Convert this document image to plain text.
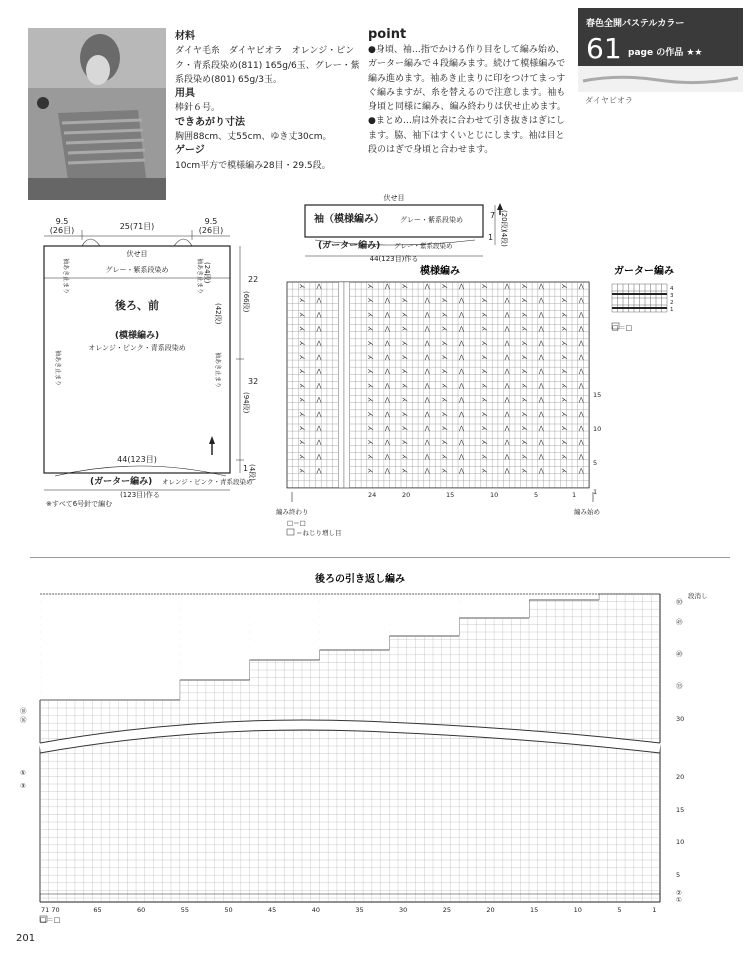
材料
ダイヤ毛糸　ダイヤビオラ　オレンジ・ピンク・青系段染め(811) 165g/6玉、グレー・紫系段染め(801) 65g/3玉。
用具
棒針６号。
できあがり寸法
胸囲88cm、丈55cm、ゆき丈30cm。
ゲージ
10cm平方で模様編み28目・29.5段。
point
●身頃、袖…指でかける作り目をして編み始め、ガーター編みで４段編みます。続けて模様編みで編み進めます。袖あき止まりに印をつけてまっすぐ編みますが、糸を替えるので注意します。袖も身頃と同様に編み、編み終わりは伏せ止めます。
●まとめ…肩は外表に合わせて引き抜きはぎにします。脇、袖下はすくいとじにします。袖は目と段のはぎで身頃と合わせます。
春色全開パステルカラー
61 page の作品 ★★
ダイヤビオラ
9.5
(26目)	25(71目)
9.5
(26目)
伏せ目
グレー・紫系段染め
後ろ、前
(模様編み)
オレンジ・ピンク・青系段染め
(24段)
(42段)
袖あき止まり	袖あき止まり
袖あき止まり	袖あき止まり
22
(66段)
32
(94段)
1 (4段)
44(123目)
(ガーター編み) オレンジ・ピンク・青系段染め
(123目)作る
※すべて6号針で編む
伏せ目
袖（模様編み） グレー・紫系段染め	7 (20段)
1 (4段)
(ガーター編み) グレー・紫系段染め
44(123目)作る
模様編み
⋋ ⋀	⋋ ⋀ ⋋	⋀ ⋋ ⋀	⋋	⋀ ⋋ ⋀	⋋ ⋀
⋋ ⋀	⋋ ⋀ ⋋	⋀ ⋋ ⋀	⋋	⋀ ⋋ ⋀	⋋ ⋀
⋋ ⋀	⋋ ⋀ ⋋	⋀ ⋋ ⋀	⋋	⋀ ⋋ ⋀	⋋ ⋀
⋋ ⋀	⋋ ⋀ ⋋	⋀ ⋋ ⋀	⋋	⋀ ⋋ ⋀	⋋ ⋀
⋋ ⋀	⋋ ⋀ ⋋	⋀ ⋋ ⋀	⋋	⋀ ⋋ ⋀	⋋ ⋀
⋋ ⋀	⋋ ⋀ ⋋	⋀ ⋋ ⋀	⋋	⋀ ⋋ ⋀	⋋ ⋀
⋋ ⋀	⋋ ⋀ ⋋	⋀ ⋋ ⋀	⋋	⋀ ⋋ ⋀	⋋ ⋀
⋋ ⋀	⋋ ⋀ ⋋	⋀ ⋋ ⋀	⋋	⋀ ⋋ ⋀	⋋ ⋀
⋋ ⋀	⋋ ⋀ ⋋	⋀ ⋋ ⋀	⋋	⋀ ⋋ ⋀	⋋ ⋀
⋋ ⋀	⋋ ⋀ ⋋	⋀ ⋋ ⋀	⋋	⋀ ⋋ ⋀	⋋ ⋀
⋋ ⋀	⋋ ⋀ ⋋	⋀ ⋋ ⋀	⋋	⋀ ⋋ ⋀	⋋ ⋀
⋋ ⋀	⋋ ⋀ ⋋	⋀ ⋋ ⋀	⋋	⋀ ⋋ ⋀	⋋ ⋀
⋋ ⋀	⋋ ⋀ ⋋	⋀ ⋋ ⋀	⋋	⋀ ⋋ ⋀	⋋ ⋀
⋋ ⋀	⋋ ⋀ ⋋	⋀ ⋋ ⋀	⋋	⋀ ⋋ ⋀	⋋ ⋀
15
10
5
1
24	20	15	10	5	1
編み終わり	編み始め
□＝□
＝ねじり増し目
ガーター編み
4
3
2
1
□＝□
後ろの引き返し編み
段消し
㊿
㊺
㊵
㉟
30
20
15
10
5
②
①
⑱
⑯
⑤
③
71 70	65	60	55	50	45	40	35	30	25	20	15	10	5	1
□＝□
201
